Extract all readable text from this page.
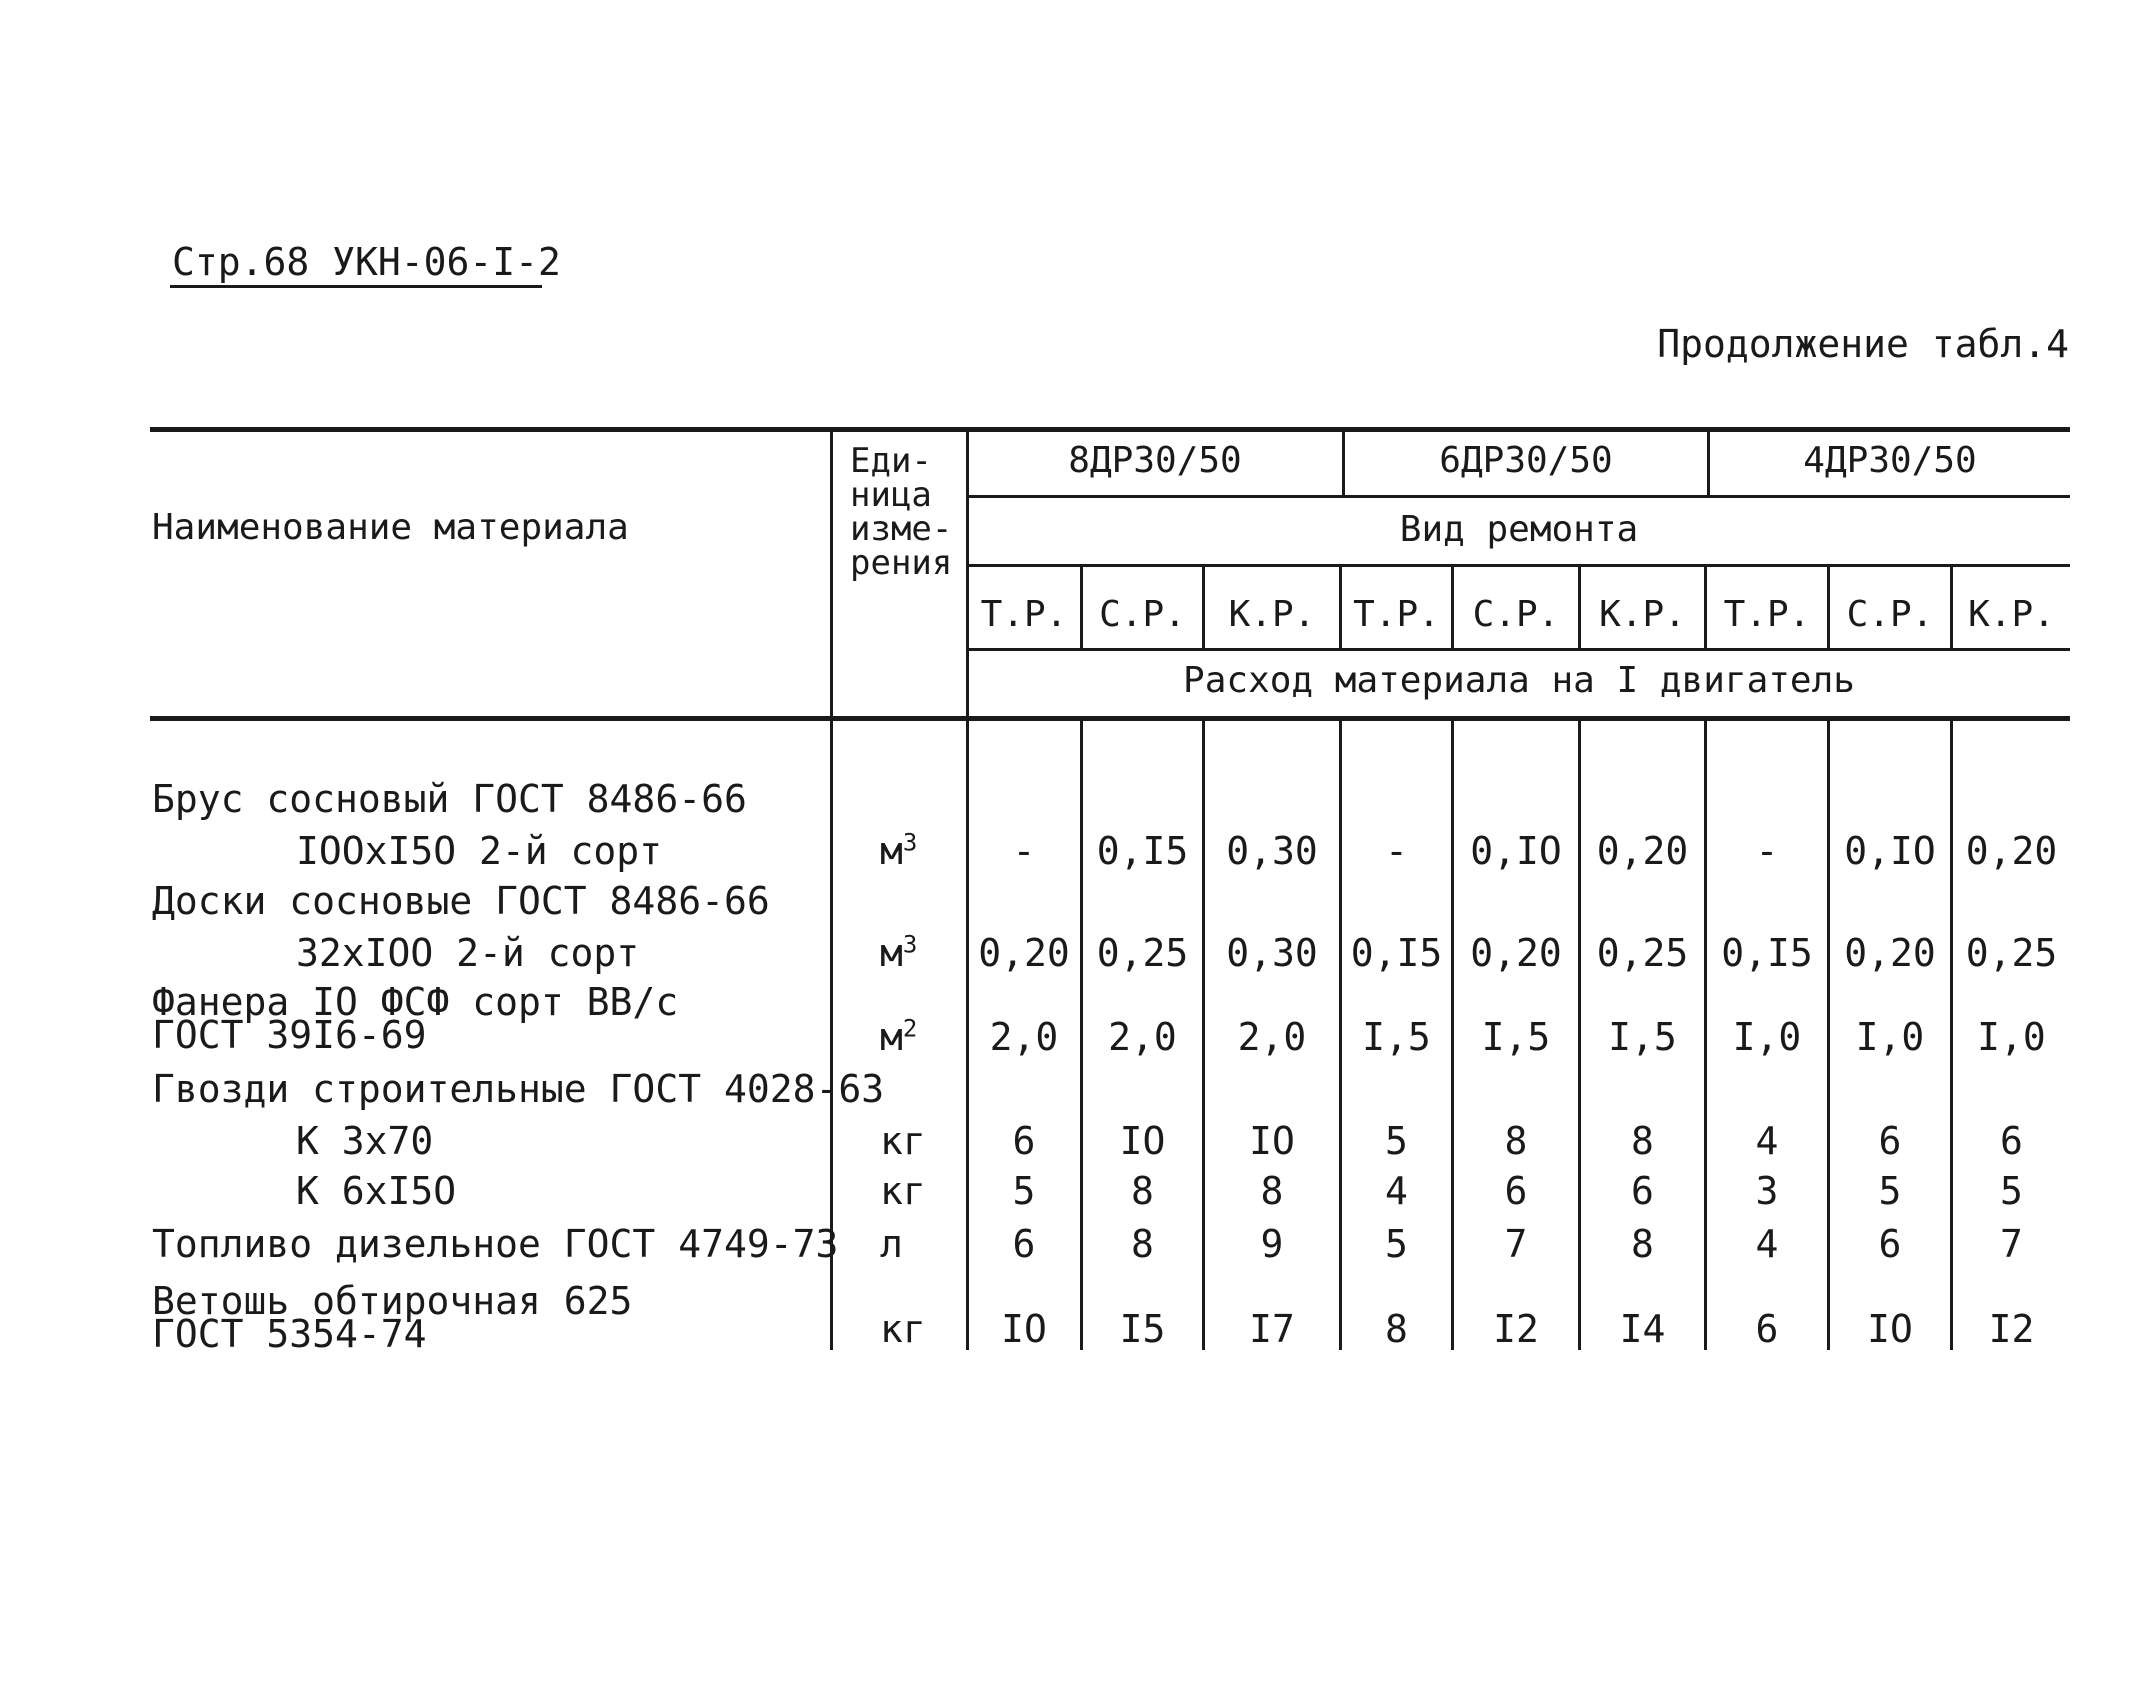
Стр.68 УКН-06-I-2
Продолжение табл.4
Наименование материала
Еди-
ница
изме-
рения
8ДР30/50	6ДР30/50	4ДР30/50
Вид ремонта
Т.Р. С.Р.	К.Р.	Т.Р. С.Р.	К.Р.	Т.Р.	С.Р. К.Р.
Расход материала на I двигатель
Брус сосновый ГОСТ 8486-66
IOOxI5O 2-й сорт	$м^3$	-	0,I5 0,30	-	0,IO 0,20	-	0,IO 0,20
Доски сосновые ГОСТ 8486-66
32xIOO 2-й сорт	$м^3$ 0,20 0,25 0,30 0,I5 0,20 0,25 0,I5 0,20 0,25
Фанера IO ФСФ сорт ВВ/с
ГОСТ 39I6-69	$м^2$	2,0	2,0	2,0	I,5	I,5	I,5	I,0	I,0	I,0
Гвозди строительные ГОСТ 4028-63
К 3x70	кг	6	IO	IO	5	8	8	4	6	6
К 6xI5O	кг	5	8	8	4	6	6	3	5	5
Топливо дизельное ГОСТ 4749-73 л	6	8	9	5	7	8	4	6	7
Ветошь обтирочная 625
ГОСТ 5354-74	кг	IO	I5	I7	8	I2	I4	6	IO	I2
